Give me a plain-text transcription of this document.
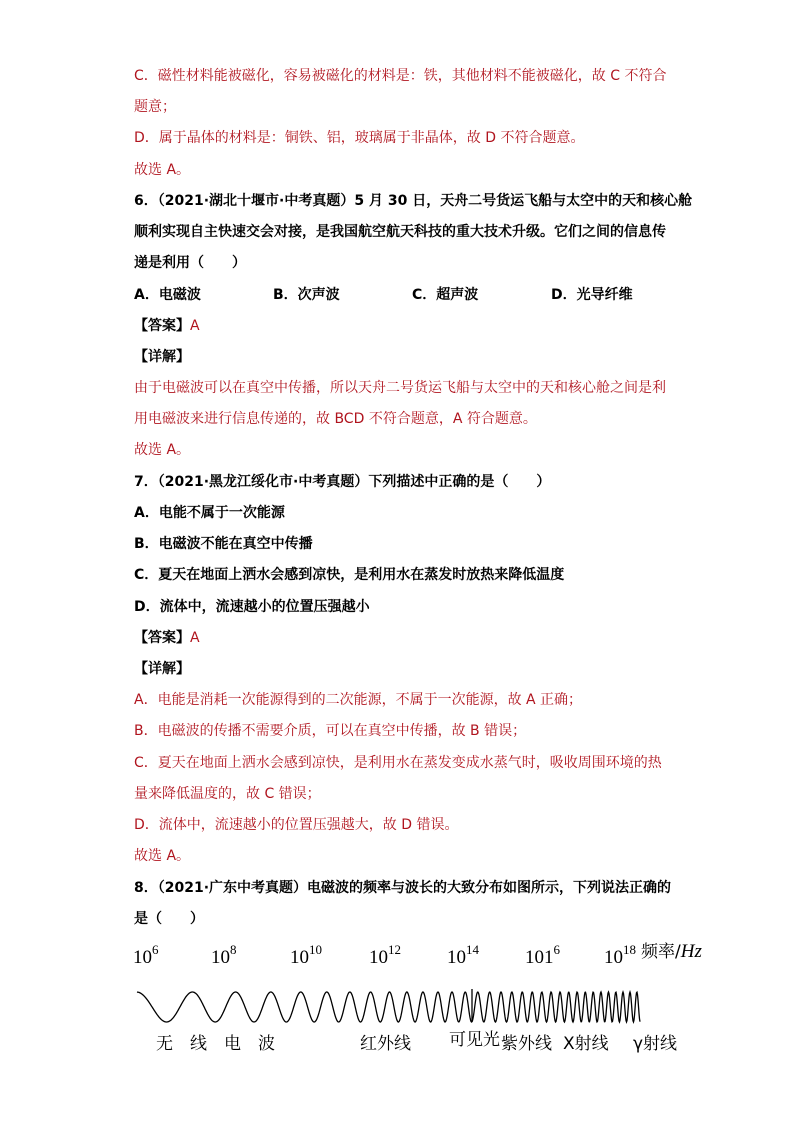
C．磁性材料能被磁化，容易被磁化的材料是：铁，其他材料不能被磁化，故 C 不符合
题意；
D．属于晶体的材料是：铜铁、铝，玻璃属于非晶体，故 D 不符合题意。
故选 A。
6．（2021·湖北十堰市·中考真题）5 月 30 日，天舟二号货运飞船与太空中的天和核心舱
顺利实现自主快速交会对接，是我国航空航天科技的重大技术升级。它们之间的信息传
递是利用（　　）
A．电磁波	B．次声波	C．超声波	D．光导纤维
【答案】A
【详解】
由于电磁波可以在真空中传播，所以天舟二号货运飞船与太空中的天和核心舱之间是利
用电磁波来进行信息传递的，故 BCD 不符合题意，A 符合题意。
故选 A。
7．（2021·黑龙江绥化市·中考真题）下列描述中正确的是（　　）
A．电能不属于一次能源
B．电磁波不能在真空中传播
C．夏天在地面上洒水会感到凉快，是利用水在蒸发时放热来降低温度
D．流体中，流速越小的位置压强越小
【答案】A
【详解】
A．电能是消耗一次能源得到的二次能源，不属于一次能源，故 A 正确；
B．电磁波的传播不需要介质，可以在真空中传播，故 B 错误；
C．夏天在地面上洒水会感到凉快，是利用水在蒸发变成水蒸气时，吸收周围环境的热
量来降低温度的，故 C 错误；
D．流体中，流速越小的位置压强越大，故 D 错误。
故选 A。
8．（2021·广东中考真题）电磁波的频率与波长的大致分布如图所示，下列说法正确的
是（　　）
$10^6$	$10^8$	$10^{10}$ $10^{12}$ $10^{14}$ $101^6$ $10^{18}$ 频率/Hz
无　线　电　波	红外线 可见光 紫外线 X射线 γ射线
